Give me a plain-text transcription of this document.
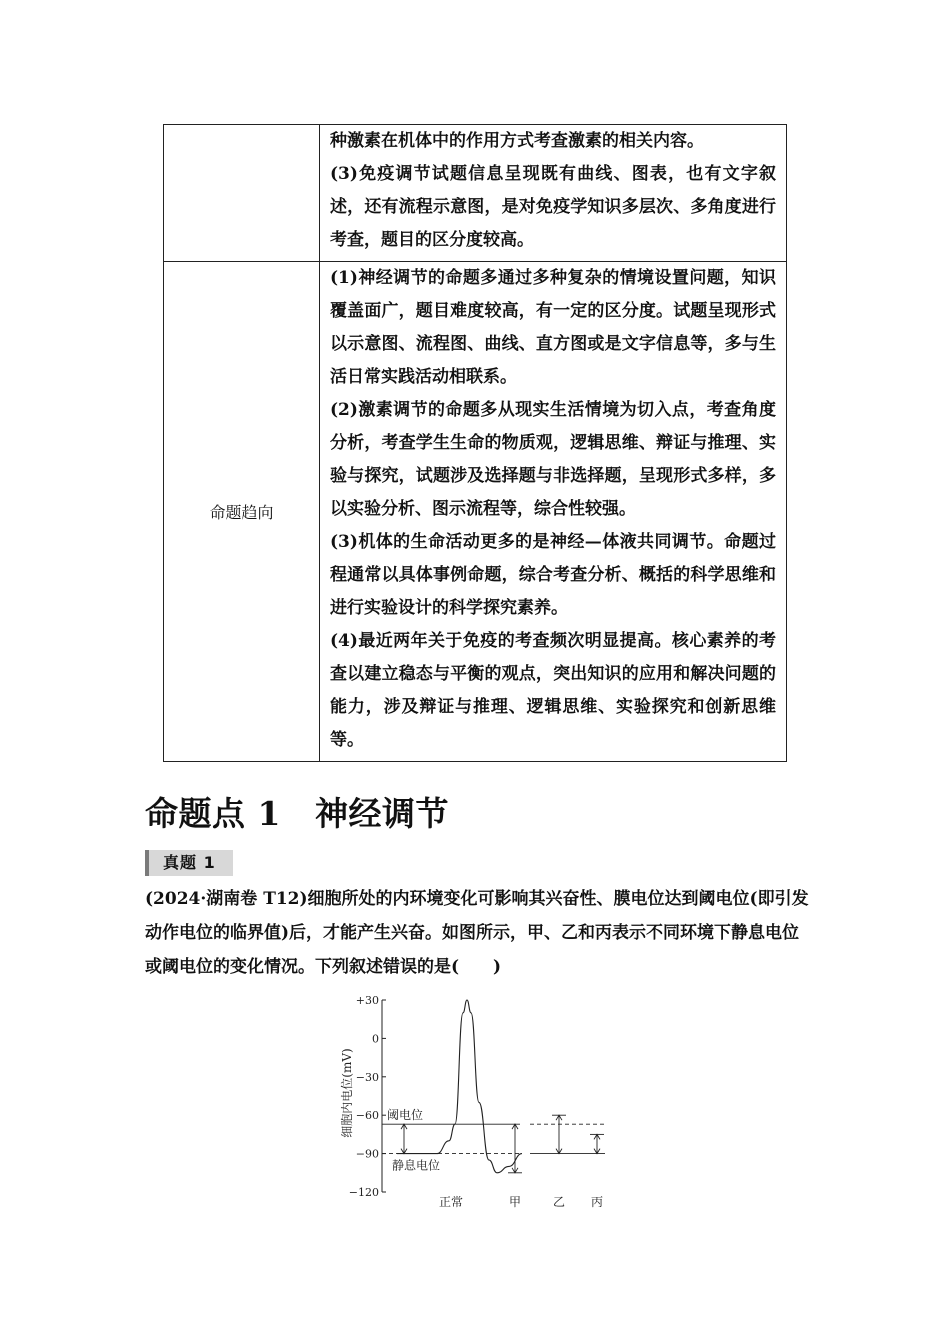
	种激素在机体中的作用方式考查激素的相关内容。

(3)免疫调节试题信息呈现既有曲线、图表，也有文字叙述，还有流程示意图，是对免疫学知识多层次、多角度进行考查，题目的区分度较高。

命题趋向	(1)神经调节的命题多通过多种复杂的情境设置问题，知识覆盖面广，题目难度较高，有一定的区分度。试题呈现形式以示意图、流程图、曲线、直方图或是文字信息等，多与生活日常实践活动相联系。

(2)激素调节的命题多从现实生活情境为切入点，考查角度分析，考查学生生命的物质观，逻辑思维、辩证与推理、实验与探究，试题涉及选择题与非选择题，呈现形式多样，多以实验分析、图示流程等，综合性较强。

(3)机体的生命活动更多的是神经—体液共同调节。命题过程通常以具体事例命题，综合考查分析、概括的科学思维和进行实验设计的科学探究素养。

(4)最近两年关于免疫的考查频次明显提高。核心素养的考查以建立稳态与平衡的观点，突出知识的应用和解决问题的能力，涉及辩证与推理、逻辑思维、实验探究和创新思维等。

命题点 1 神经调节
真题 1

(2024·湖南卷 T12)细胞所处的内环境变化可影响其兴奋性、膜电位达到阈电位(即引发动作电位的临界值)后，才能产生兴奋。如图所示，甲、乙和丙表示不同环境下静息电位或阈电位的变化情况。下列叙述错误的是(　　)

细胞内电位(mV)
+30
0
−30
−60
−90
−120
阈电位
静息电位
正常	甲	乙 丙
